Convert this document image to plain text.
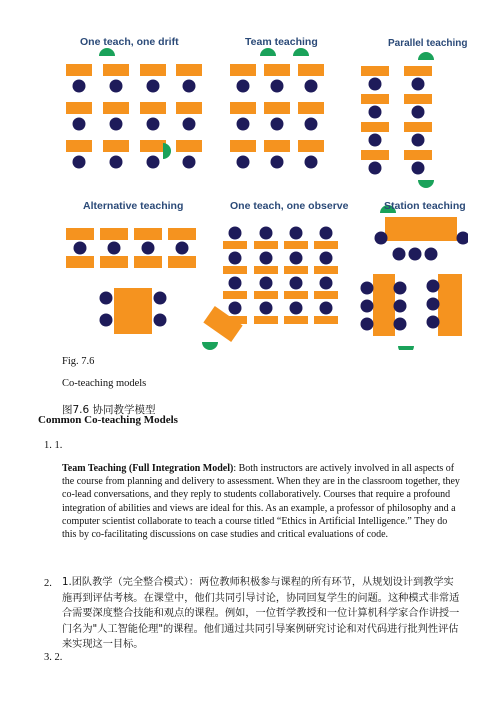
One teach, one drift	Team teaching	Parallel teaching
Alternative teaching	One teach, one observe	Station teaching
Fig. 7.6
Co-teaching models
图7.6 协同教学模型
Common Co-teaching Models
1. 1.
Team Teaching (Full Integration Model): Both instructors are actively involved in all aspects of the course from planning and delivery to assessment. When they are in the classroom together, they co-lead conversations, and they reply to students collaboratively. Courses that require a profound integration of abilities and views are ideal for this. As an example, a professor of philosophy and a computer scientist collaborate to teach a course titled “Ethics in Artificial Intelligence.” They do this by co-facilitating discussions on case studies and critical evaluations of code.
2. 1.团队教学（完全整合模式）：两位教师积极参与课程的所有环节，从规划设计到教学实施再到评估考核。在课堂中，他们共同引导讨论，协同回复学生的问题。这种模式非常适合需要深度整合技能和观点的课程。例如，一位哲学教授和一位计算机科学家合作讲授一门名为"人工智能伦理"的课程。他们通过共同引导案例研究讨论和对代码进行批判性评估来实现这一目标。
3. 2.
